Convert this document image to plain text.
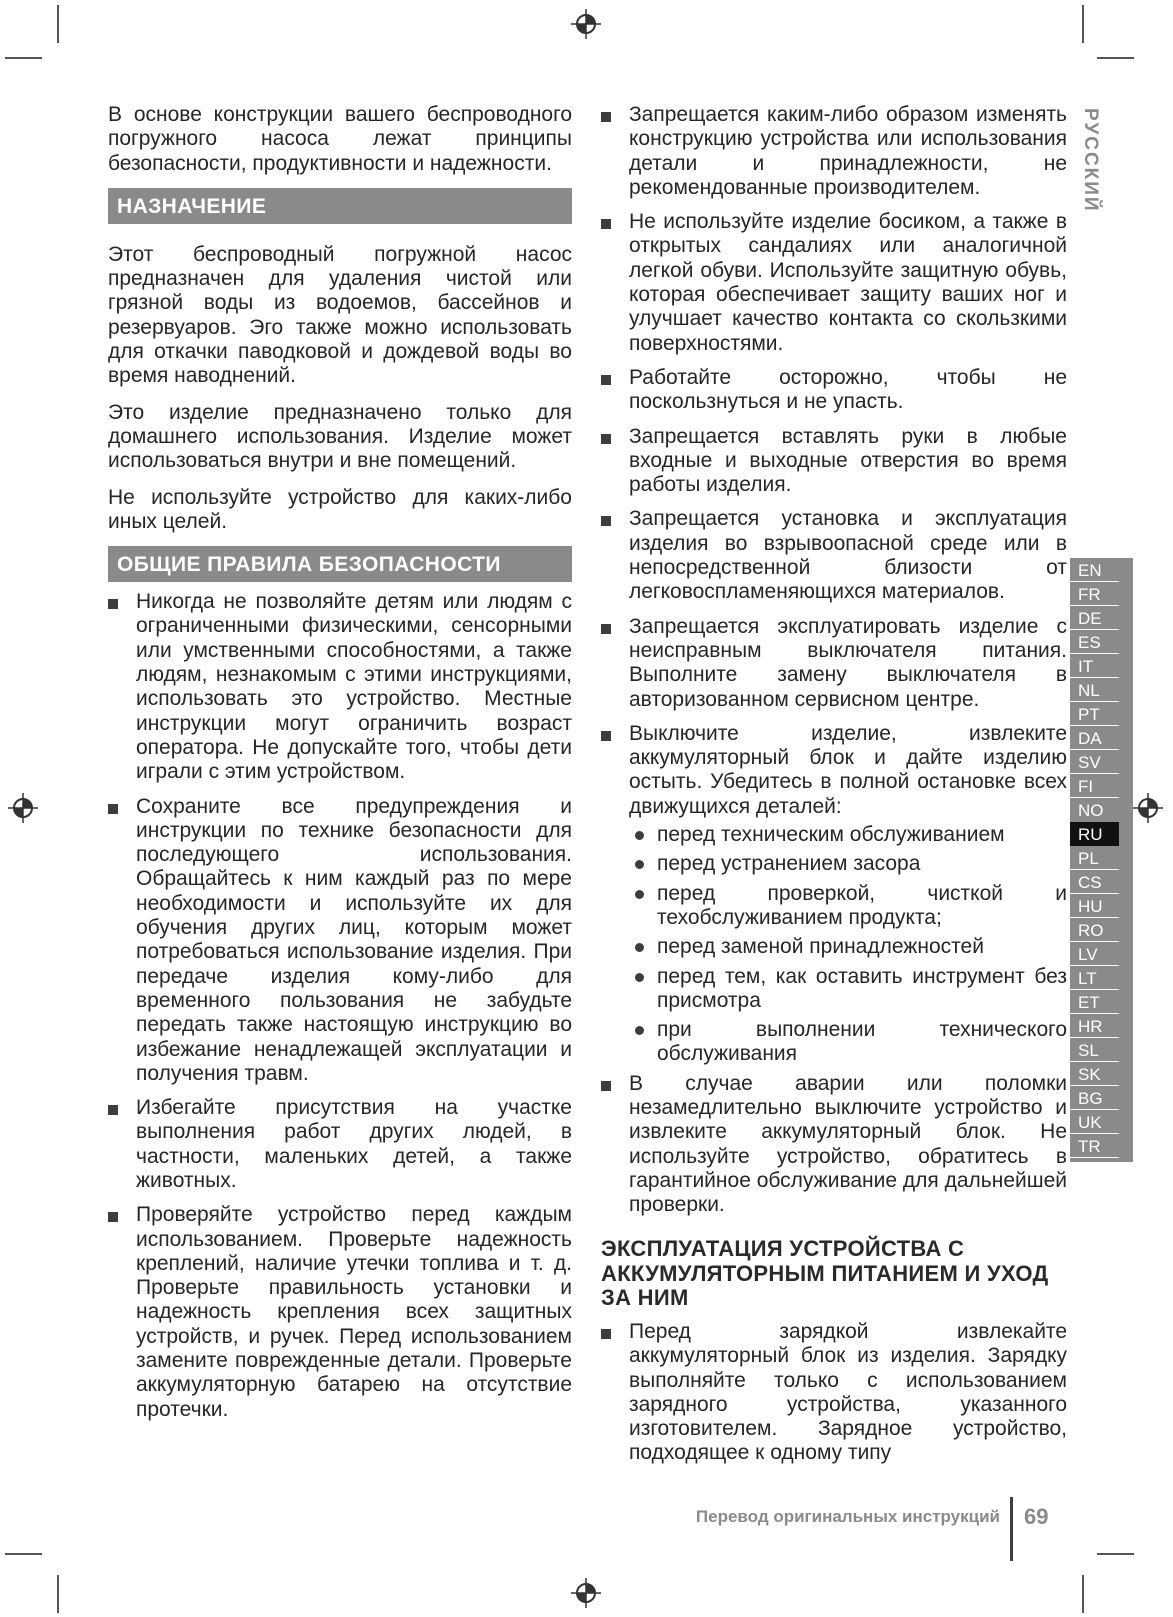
В основе конструкции вашего беспроводного погружного насоса лежат принципы безопасности, продуктивности и надежности.

НАЗНАЧЕНИЕ

Этот беспроводный погружной насос предназначен для удаления чистой или грязной воды из водоемов, бассейнов и резервуаров. Эго также можно использовать для откачки паводковой и дождевой воды во время наводнений.

Это изделие предназначено только для домашнего использования. Изделие может использоваться внутри и вне помещений.

Не используйте устройство для каких-либо иных целей.

ОБЩИЕ ПРАВИЛА БЕЗОПАСНОСТИ
Никогда не позволяйте детям или людям с ограниченными физическими, сенсорными или умственными способностями, а также людям, незнакомым с этими инструкциями, использовать это устройство. Местные инструкции могут ограничить возраст оператора. Не допускайте того, чтобы дети играли с этим устройством.
Сохраните все предупреждения и инструкции по технике безопасности для последующего использования. Обращайтесь к ним каждый раз по мере необходимости и используйте их для обучения других лиц, которым может потребоваться использование изделия. При передаче изделия кому-либо для временного пользования не забудьте передать также настоящую инструкцию во избежание ненадлежащей эксплуатации и получения травм.
Избегайте присутствия на участке выполнения работ других людей, в частности, маленьких детей, а также животных.
Проверяйте устройство перед каждым использованием. Проверьте надежность креплений, наличие утечки топлива и т. д. Проверьте правильность установки и надежность крепления всех защитных устройств, и ручек. Перед использованием замените поврежденные детали. Проверьте аккумуляторную батарею на отсутствие протечки.
Запрещается каким-либо образом изменять конструкцию устройства или использования детали и принадлежности, не рекомендованные производителем.
Не используйте изделие босиком, а также в открытых сандалиях или аналогичной легкой обуви. Используйте защитную обувь, которая обеспечивает защиту ваших ног и улучшает качество контакта со скользкими поверхностями.
Работайте осторожно, чтобы не поскользнуться и не упасть.
Запрещается вставлять руки в любые входные и выходные отверстия во время работы изделия.
Запрещается установка и эксплуатация изделия во взрывоопасной среде или в непосредственной близости от легковоспламеняющихся материалов.
Запрещается эксплуатировать изделие с неисправным выключателя питания. Выполните замену выключателя в авторизованном сервисном центре.
Выключите изделие, извлеките аккумуляторный блок и дайте изделию остыть. Убедитесь в полной остановке всех движущихся деталей:
перед техническим обслуживанием
перед устранением засора
перед проверкой, чисткой и техобслуживанием продукта;
перед заменой принадлежностей
перед тем, как оставить инструмент без присмотра
при выполнении технического обслуживания
В случае аварии или поломки незамедлительно выключите устройство и извлеките аккумуляторный блок. Не используйте устройство, обратитесь в гарантийное обслуживание для дальнейшей проверки.
ЭКСПЛУАТАЦИЯ УСТРОЙСТВА С АККУМУЛЯТОРНЫМ ПИТАНИЕМ И УХОД ЗА НИМ
Перед зарядкой извлекайте аккумуляторный блок из изделия. Зарядку выполняйте только с использованием зарядного устройства, указанного изготовителем. Зарядное устройство, подходящее к одному типу
РУССКИЙ
EN
FR
DE
ES
IT
NL
PT
DA
SV
FI
NO
RU
PL
CS
HU
RO
LV
LT
ET
HR
SL
SK
BG
UK
TR
Перевод оригинальных инструкций 69
